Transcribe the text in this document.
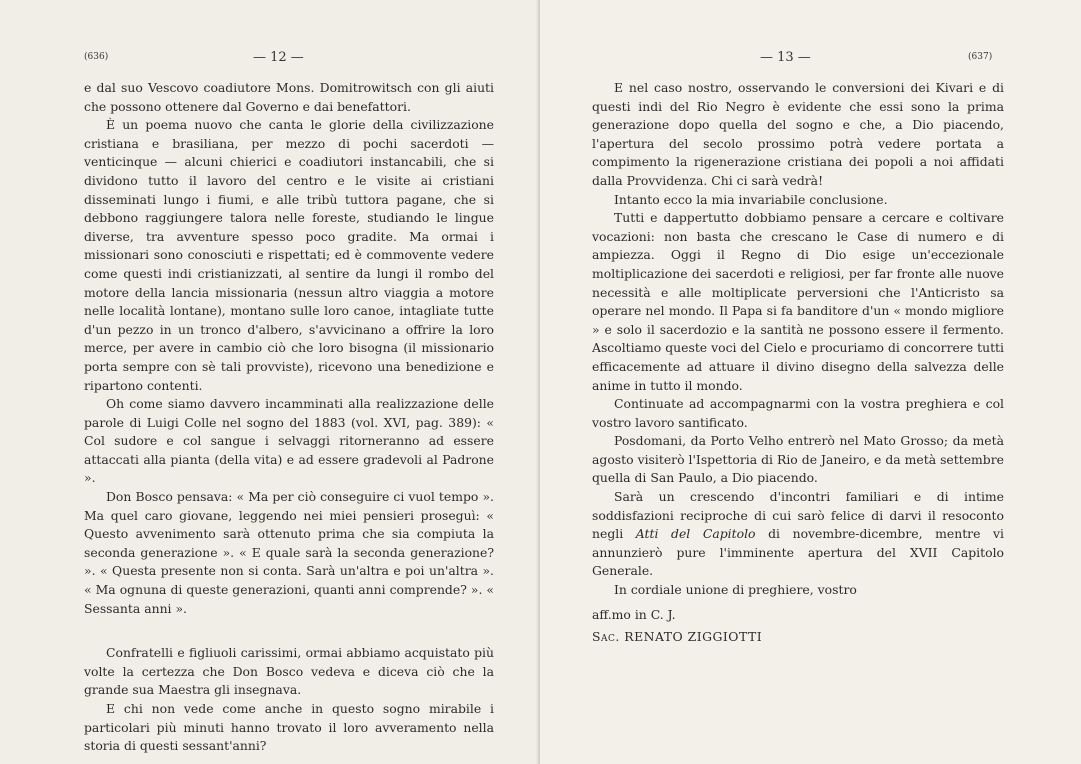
(636)	— 12 —

e dal suo Vescovo coadiutore Mons. Domitrowitsch con gli aiuti che possono ottenere dal Governo e dai benefattori.

È un poema nuovo che canta le glorie della civilizzazione cristiana e brasiliana, per mezzo di pochi sacerdoti — venticinque — alcuni chierici e coadiutori instancabili, che si dividono tutto il lavoro del centro e le visite ai cristiani disseminati lungo i fiumi, e alle tribù tuttora pagane, che si debbono raggiungere talora nelle foreste, studiando le lingue diverse, tra avventure spesso poco gradite. Ma ormai i missionari sono conosciuti e rispettati; ed è commovente vedere come questi indi cristianizzati, al sentire da lungi il rombo del motore della lancia missionaria (nessun altro viaggia a motore nelle località lontane), montano sulle loro canoe, intagliate tutte d'un pezzo in un tronco d'albero, s'avvicinano a offrire la loro merce, per avere in cambio ciò che loro bisogna (il missionario porta sempre con sè tali provviste), ricevono una benedizione e ripartono contenti.

Oh come siamo davvero incamminati alla realizzazione delle parole di Luigi Colle nel sogno del 1883 (vol. XVI, pag. 389): « Col sudore e col sangue i selvaggi ritorneranno ad essere attaccati alla pianta (della vita) e ad essere gradevoli al Padrone ».

Don Bosco pensava: « Ma per ciò conseguire ci vuol tempo ». Ma quel caro giovane, leggendo nei miei pensieri proseguì: « Questo avvenimento sarà ottenuto prima che sia compiuta la seconda generazione ». « E quale sarà la seconda generazione? ». « Questa presente non si conta. Sarà un'altra e poi un'altra ». « Ma ognuna di queste generazioni, quanti anni comprende? ». « Sessanta anni ».

Confratelli e figliuoli carissimi, ormai abbiamo acquistato più volte la certezza che Don Bosco vedeva e diceva ciò che la grande sua Maestra gli insegnava.

E chi non vede come anche in questo sogno mirabile i particolari più minuti hanno trovato il loro avveramento nella storia di questi sessant'anni?

— 13 —	(637)

E nel caso nostro, osservando le conversioni dei Kivari e di questi indi del Rio Negro è evidente che essi sono la prima generazione dopo quella del sogno e che, a Dio piacendo, l'apertura del secolo prossimo potrà vedere portata a compimento la rigenerazione cristiana dei popoli a noi affidati dalla Provvidenza. Chi ci sarà vedrà!

Intanto ecco la mia invariabile conclusione.

Tutti e dappertutto dobbiamo pensare a cercare e coltivare vocazioni: non basta che crescano le Case di numero e di ampiezza. Oggi il Regno di Dio esige un'eccezionale moltiplicazione dei sacerdoti e religiosi, per far fronte alle nuove necessità e alle moltiplicate perversioni che l'Anticristo sa operare nel mondo. Il Papa si fa banditore d'un « mondo migliore » e solo il sacerdozio e la santità ne possono essere il fermento. Ascoltiamo queste voci del Cielo e procuriamo di concorrere tutti efficacemente ad attuare il divino disegno della salvezza delle anime in tutto il mondo.

Continuate ad accompagnarmi con la vostra preghiera e col vostro lavoro santificato.

Posdomani, da Porto Velho entrerò nel Mato Grosso; da metà agosto visiterò l'Ispettoria di Rio de Janeiro, e da metà settembre quella di San Paulo, a Dio piacendo.

Sarà un crescendo d'incontri familiari e di intime soddisfazioni reciproche di cui sarò felice di darvi il resoconto negli Atti del Capitolo di novembre-dicembre, mentre vi annunzierò pure l'imminente apertura del XVII Capitolo Generale.

In cordiale unione di preghiere, vostro

aff.mo in C. J.

Sac. RENATO ZIGGIOTTI
